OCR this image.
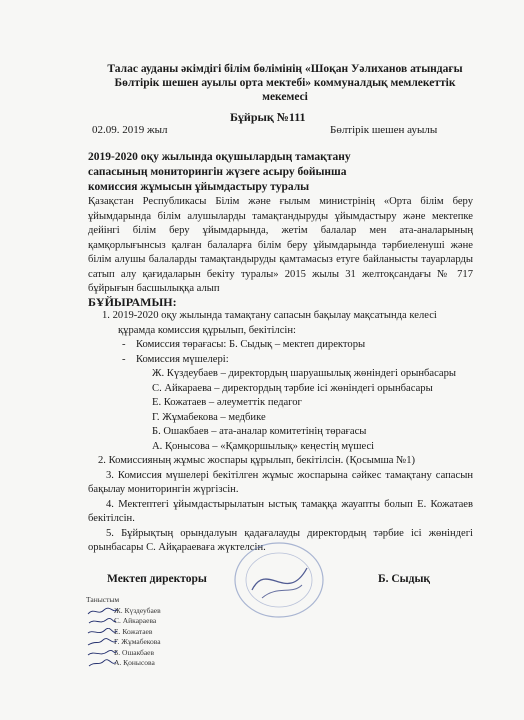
Талас ауданы әкімдігі білім бөлімінің «Шоқан Уәлиханов атындағы
Бөлтірік шешен ауылы орта мектебі» коммуналдық мемлекеттік
мекемесі
Бұйрық №111
02.09. 2019 жыл	Бөлтірік шешен ауылы
2019-2020 оқу жылында оқушылардың тамақтану
сапасының мониторингін жүзеге асыру бойынша
комиссия жұмысын ұйымдастыру туралы
Қазақстан Республикасы Білім және ғылым министрінің «Орта білім беру ұйымдарында білім алушыларды тамақтандыруды ұйымдастыру және мектепке дейінгі білім беру ұйымдарында, жетім балалар мен ата-аналарының қамқорлығынсыз қалған балаларға білім беру ұйымдарында тәрбиеленуші және білім алушы балаларды тамақтандыруды қамтамасыз етуге байланысты тауарларды сатып алу қағидаларын бекіту туралы» 2015 жылы 31 желтоқсандағы № 717 бұйрығын басшылыққа алып
БҰЙЫРАМЫН:
1. 2019-2020 оқу жылында тамақтану сапасын бақылау мақсатында келесі
құрамда комиссия құрылып, бекітілсін:
- Комиссия төрағасы: Б. Сыдық – мектеп директоры
- Комиссия мүшелері:
Ж. Күздеубаев – директордың шаруашылық жөніндегі орынбасары
С. Айкараева – директордың тәрбие ісі жөніндегі орынбасары
Е. Кожатаев – әлеуметтік педагог
Г. Жұмабекова – медбике
Б. Ошакбаев – ата-аналар комитетінің төрағасы
А. Қонысова – «Қамқоршылық» кеңестің мүшесі
2. Комиссияның жұмыс жоспары құрылып, бекітілсін. (Қосымша №1)
3. Комиссия мүшелері бекітілген жұмыс жоспарына сәйкес тамақтану сапасын бақылау мониторингін жүргізсін.
4. Мектептегі ұйымдастырылатын ыстық тамаққа жауапты болып Е. Кожатаев бекітілсін.
5. Бұйрықтың орындалуын қадағалауды директордың тәрбие ісі жөніндегі орынбасары С. Айқараеваға жүктелсін.
Мектеп директоры	Б. Сыдық
Таныстым
Ж. Күздеубаев
С. Айкараева
Е. Кожатаев
Г. Жұмабекова
Б. Ошакбаев
А. Қонысова
